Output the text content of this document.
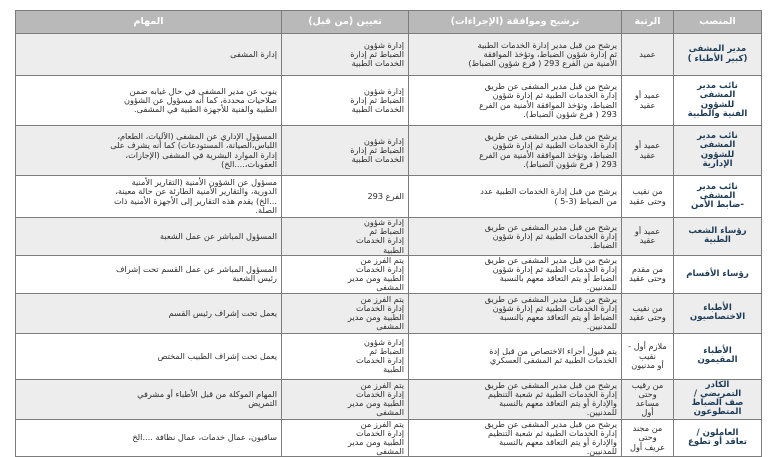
المنصب	الرتبة	ترشيح وموافقة (الإجراءات)	تعيين (من قبل)	المهام

مدير المشفى
(كبير الأطباء )	عميد	يرشح من قبل مدير إدارة الخدمات الطبية
ثم إدارة شؤون الضباط، وتؤخذ الموافقة
الأمنية من الفرع 293 ( فرع شؤون الضباط)	إدارة شؤون
الضباط ثم إدارة
الخدمات الطبية	إدارة المشفى

نائب مدير
المشفى
للشؤون
الفنية والطبية	عميد أو
عقيد	يرشح من قبل مدير المشفى عن طريق
إدارة الخدمات الطبية ثم إدارة شؤون
الضباط، وتؤخذ الموافقة الأمنية من الفرع
293 ( فرع شؤون الضباط).	إدارة شؤون
الضباط ثم إدارة
الخدمات الطبية	ينوب عن مدير المشفى في حال غيابه ضمن
صلاحيات محددة، كما أنه مسؤول عن الشؤون
الطبية والفنية للأجهزة الطبية في المشفى.

نائب مدير
المشفى
للشؤون
الإدارية	عميد أو
عقيد	يرشح من قبل مدير المشفى عن طريق
إدارة الخدمات الطبية ثم إدارة شؤون
الضباط، وتؤخذ الموافقة الأمنية من الفرع
293 ( فرع شؤون الضباط).	إدارة شؤون
الضباط ثم إدارة
الخدمات الطبية	المسؤول الإداري عن المشفى (الآليات، الطعام،
اللباس،الصيانة، المستودعات) كما أنه يشرف على
إدارة الموارد البشرية في المشفى (الإجازات،
العقوبات،....الخ)

نائب مدير
المشفى
-ضابط الأمن	من نقيب
وحتى عقيد	يرشح من قبل إدارة الخدمات الطبية عدد
من الضباط (3-5 )	الفرع 293	مسؤول عن الشؤون الأمنية (التقارير الأمنية
الدورية، والتقارير الأمنية الطارئة عن حالة معينة،
...الخ) يقدم هذه التقارير إلى الأجهزة الأمنية ذات
الصلة.

رؤساء الشعب
الطبية	عميد أو
عقيد	يرشح من قبل مدير المشفى عن طريق
إدارة الخدمات الطبية ثم إدارة شؤون
الضباط.	إدارة شؤون
الضباط ثم
إدارة الخدمات
الطبية	المسؤول المباشر عن عمل الشعبة

رؤساء الأقسام	من مقدم
وحتى عقيد	يرشح من قبل مدير المشفى عن طريق
إدارة الخدمات الطبية ثم إدارة شؤون
الضباط أو يتم التعاقد معهم بالنسبة
للمدنيين.	يتم الفرز من
إدارة الخدمات
الطبية ومن مدير
المشفى	المسؤول المباشر عن عمل القسم تحت إشراف
رئيس الشعبة

الأطباء
الاختصاصيون	من نقيب
وحتى عقيد	يرشح من قبل مدير المشفى عن طريق
إدارة الخدمات الطبية ثم إدارة شؤون
الضباط أو يتم التعاقد معهم بالنسبة
للمدنيين.	يتم الفرز من
إدارة الخدمات
الطبية ومن مدير
المشفى	يعمل تحت إشراف رئيس القسم

الأطباء
المقيمون	ملازم أول -
نقيب
أو مدنيون	يتم قبول أجراء الاختصاص من قبل إدة
الخدمات الطبية ثم المشفى العسكري	إدارة شؤون
الضباط ثم
إدارة الخدمات
الطبية	يعمل تحت إشراف الطبيب المختص

الكادر
التمريضي /
صف الضباط
المتطوعون	من رقيب
وحتى
مساعد
أول	يرشح من قبل مدير المشفى عن طريق
إدارة الخدمات الطبية ثم شعبة التنظيم
والإدارة أو يتم التعاقد معهم بالنسبة
للمدنيين.	يتم الفرز من
إدارة الخدمات
الطبية ومن مدير
المشفى	المهام الموكلة من قبل الأطباء أو مشرفي
التمريض

العاملون /
تعاقد أو تطوع	من مجند
وحتى
عريف أول	يرشح من قبل مدير المشفى عن طريق
إدارة الخدمات الطبية ثم شعبة التنظيم
والإدارة أو يتم التعاقد معهم بالنسبة
للمدنيين.	يتم الفرز من
إدارة الخدمات
الطبية ومن مدير
المشفى	ساقيون، عمال خدمات، عمال نظافة ....الخ
